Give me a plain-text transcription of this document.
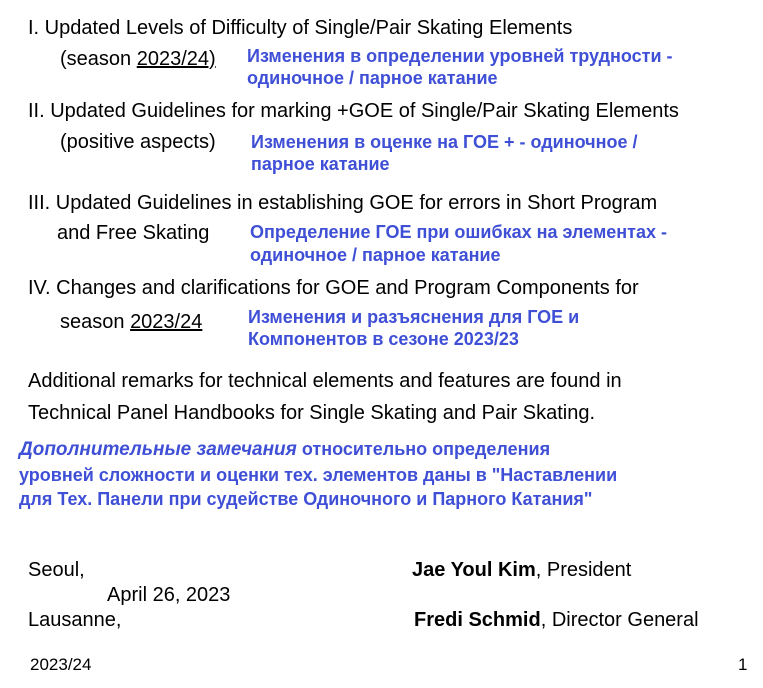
I. Updated Levels of Difficulty of Single/Pair Skating Elements
(season 2023/24) Изменения в определении уровней трудности -
одиночное / парное катание
II. Updated Guidelines for marking +GOE of Single/Pair Skating Elements
(positive aspects) Изменения в оценке на ГОЕ + - одиночное /
парное катание
III. Updated Guidelines in establishing GOE for errors in Short Program
and Free Skating Определение ГОЕ при ошибках на элементах -
одиночное / парное катание
IV. Changes and clarifications for GOE and Program Components for
season 2023/24	Изменения и разъяснения для ГОЕ и
Компонентов в сезоне 2023/23
Additional remarks for technical elements and features are found in
Technical Panel Handbooks for Single Skating and Pair Skating.
Дополнительные замечания относительно определения
уровней сложности и оценки тех. элементов даны в "Наставлении
для Тех. Панели при судействе Одиночного и Парного Катания"
Seoul,
April 26, 2023
Lausanne,
Jae Youl Kim, President
Fredi Schmid, Director General
2023/24	1
